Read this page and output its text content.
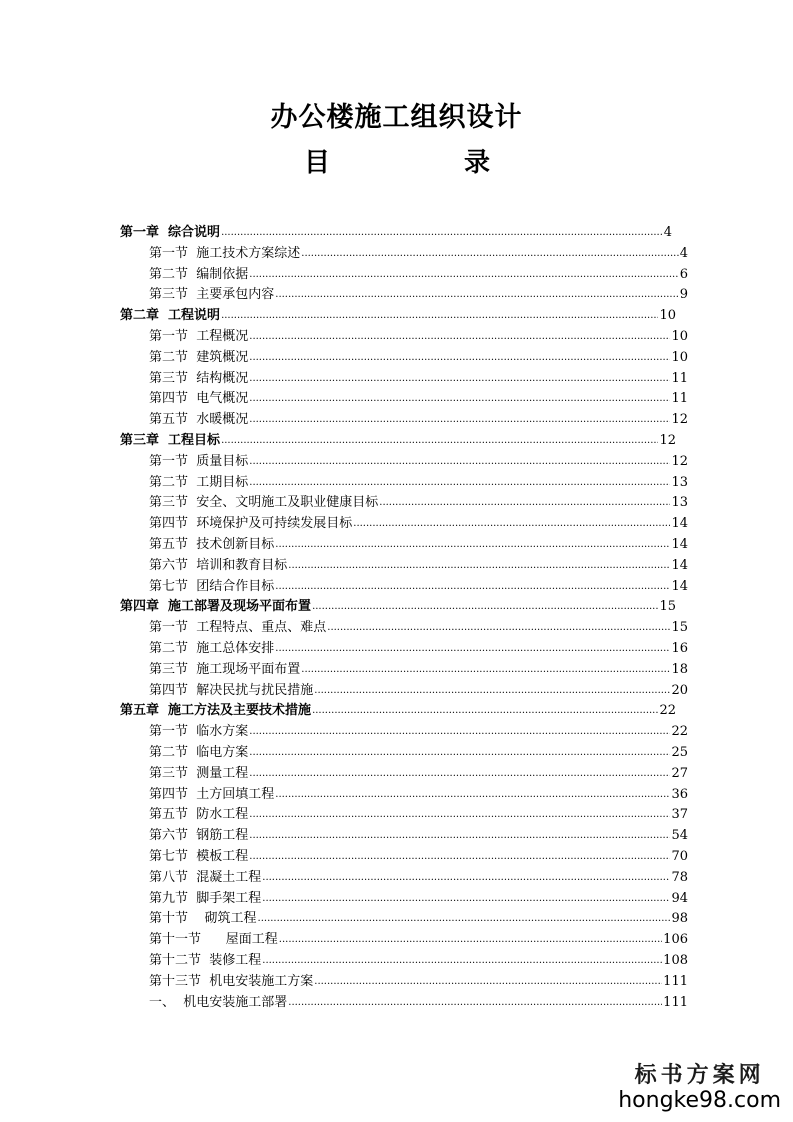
办公楼施工组织设计
目	录
第一章  综合说明 .....	4
第一节  施工技术方案综述 .....	4
第二节  编制依据 .....	6
第三节  主要承包内容 .....	9
第二章  工程说明 .....	10
第一节  工程概况 .....	10
第二节  建筑概况 .....	10
第三节  结构概况 .....	11
第四节  电气概况 .....	11
第五节  水暖概况 .....	12
第三章  工程目标 .....	12
第一节  质量目标 .....	12
第二节  工期目标 .....	13
第三节  安全、文明施工及职业健康目标 .....	13
第四节  环境保护及可持续发展目标 .....	14
第五节  技术创新目标 .....	14
第六节  培训和教育目标 .....	14
第七节  团结合作目标 .....	14
第四章  施工部署及现场平面布置 .....	15
第一节  工程特点、重点、难点 .....	15
第二节  施工总体安排 .....	16
第三节  施工现场平面布置 .....	18
第四节  解决民扰与扰民措施 .....	20
第五章  施工方法及主要技术措施 .....	22
第一节  临水方案 .....	22
第二节  临电方案 .....	25
第三节  测量工程 .....	27
第四节  土方回填工程 .....	36
第五节  防水工程 .....	37
第六节  钢筋工程 .....	54
第七节  模板工程 .....	70
第八节  混凝土工程 .....	78
第九节  脚手架工程 .....	94
第十节    砌筑工程 .....	98
第十一节      屋面工程 .....	106
第十二节  装修工程 .....	108
第十三节  机电安装施工方案 .....	111
一、  机电安装施工部署 .....	111
标书方案网
hongke98.com
